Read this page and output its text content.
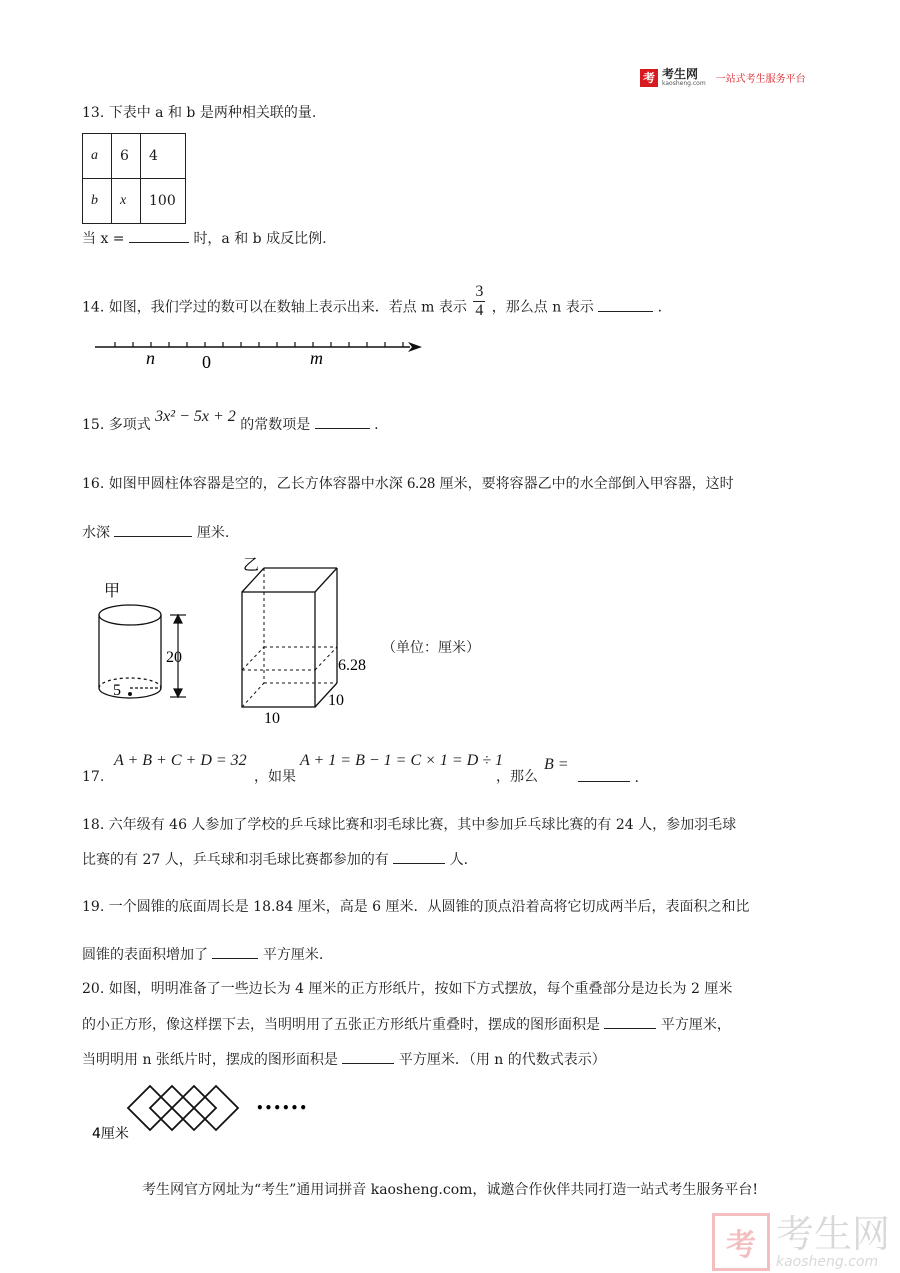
考 考生网
kaosheng.com 一站式考生服务平台
13. 下表中 a 和 b 是两种相关联的量.
a	6	4
b	x	100
当 x =	时，a 和 b 成反比例.
14. 如图，我们学过的数可以在数轴上表示出来．若点 m 表示 $\frac{3}{4}$ ，那么点 n 表示	.
n	0	m
15. 多项式 3x² − 5x + 2 的常数项是	.
16. 如图甲圆柱体容器是空的，乙长方体容器中水深 6.28 厘米，要将容器乙中的水全部倒入甲容器，这时
水深	厘米.
甲
5
20
乙
6.28
10
10
（单位：厘米）
17.
A + B + C + D = 32
，如果
A + 1 = B − 1 = C × 1 = D ÷ 1
，那么
B =
.
18. 六年级有 46 人参加了学校的乒乓球比赛和羽毛球比赛，其中参加乒乓球比赛的有 24 人，参加羽毛球
比赛的有 27 人，乒乓球和羽毛球比赛都参加的有	人.
19. 一个圆锥的底面周长是 18.84 厘米，高是 6 厘米．从圆锥的顶点沿着高将它切成两半后，表面积之和比
圆锥的表面积增加了	平方厘米.
20. 如图，明明准备了一些边长为 4 厘米的正方形纸片，按如下方式摆放，每个重叠部分是边长为 2 厘米
的小正方形，像这样摆下去，当明明用了五张正方形纸片重叠时，摆成的图形面积是	平方厘米，
当明明用 n 张纸片时，摆成的图形面积是	平方厘米．（用 n 的代数式表示）
••••••
4厘米
考生网官方网址为“考生”通用词拼音 kaosheng.com，诚邀合作伙伴共同打造一站式考生服务平台!
考 考生网
kaosheng.com
